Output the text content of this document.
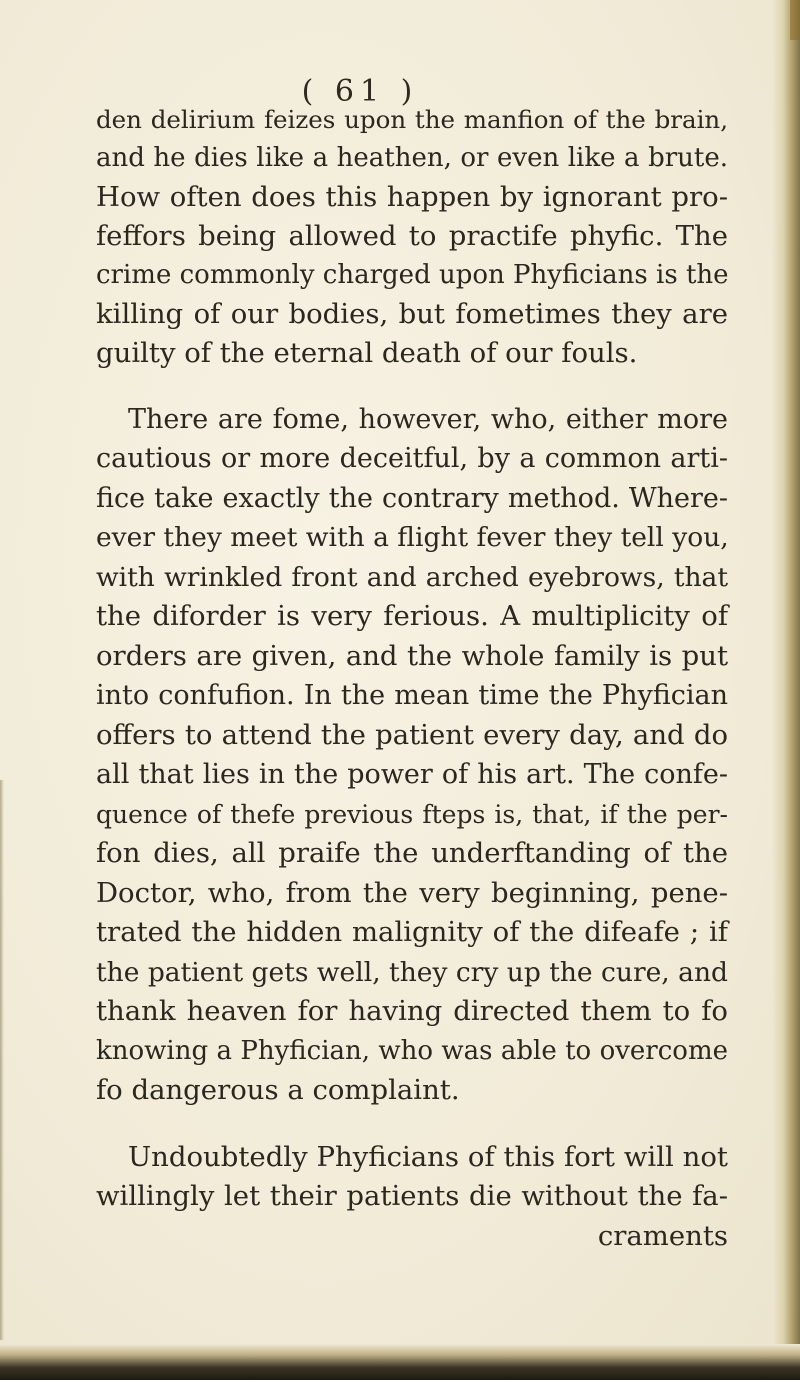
( 61 )
den delirium feizes upon the manfion of the brain,
and he dies like a heathen, or even like a brute.
How often does this happen by ignorant pro-
feffors being allowed to practife phyfic. The
crime commonly charged upon Phyficians is the
killing of our bodies, but fometimes they are
guilty of the eternal death of our fouls.
There are fome, however, who, either more
cautious or more deceitful, by a common arti-
fice take exactly the contrary method. Where-
ever they meet with a flight fever they tell you,
with wrinkled front and arched eyebrows, that
the diforder is very ferious. A multiplicity of
orders are given, and the whole family is put
into confufion. In the mean time the Phyfician
offers to attend the patient every day, and do
all that lies in the power of his art. The confe-
quence of thefe previous fteps is, that, if the per-
fon dies, all praife the underftanding of the
Doctor, who, from the very beginning, pene-
trated the hidden malignity of the difeafe ; if
the patient gets well, they cry up the cure, and
thank heaven for having directed them to fo
knowing a Phyfician, who was able to overcome
fo dangerous a complaint.
Undoubtedly Phyficians of this fort will not
willingly let their patients die without the fa-
craments
